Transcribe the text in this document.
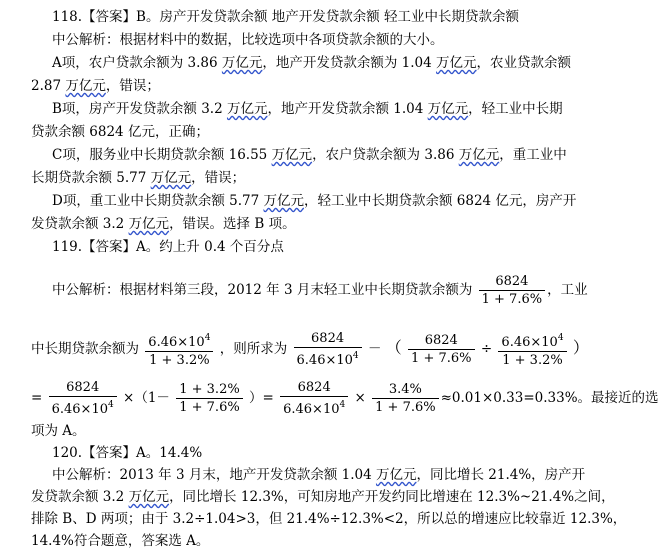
118.【答案】B。房产开发贷款余额 地产开发贷款余额 轻工业中长期贷款余额
中公解析：根据材料中的数据，比较选项中各项贷款余额的大小。
A项，农户贷款余额为 3.86 万亿元，地产开发贷款余额为 1.04 万亿元，农业贷款余额
2.87 万亿元，错误；
B项，房产开发贷款余额 3.2 万亿元，地产开发贷款余额 1.04 万亿元，轻工业中长期
贷款余额 6824 亿元，正确；
C项，服务业中长期贷款余额 16.55 万亿元，农户贷款余额为 3.86 万亿元，重工业中
长期贷款余额 5.77 万亿元，错误；
D项，重工业中长期贷款余额 5.77 万亿元，轻工业中长期贷款余额 6824 亿元，房产开
发贷款余额 3.2 万亿元，错误。选择 B 项。
119.【答案】A。约上升 0.4 个百分点
中公解析：根据材料第三段，2012 年 3 月末轻工业中长期贷款余额为 $\frac{6824}{1 + 7.6\%}$ ，工业
中长期贷款余额为 $\frac{6.46\times 10^4}{1 + 3.2\%}$ ，则所求为 $\frac{6824}{6.46\times 10^4}$ － （ $\frac{6824}{1 + 7.6\%} \div \frac{6.46\times 10^4}{1 + 3.2\%}$ ）
= $\frac{6824}{6.46\times 10^4} \times(1- \frac{1 + 3.2\%}{1 + 7.6\%}$ ）= $\frac{6824}{6.46\times 10^4} \times \frac{3.4\%}{1 + 7.6\%} \approx 0.01\times 0.33=0.33\%$。最接近的选
项为 A。
120.【答案】A。14.4%
中公解析：2013 年 3 月末，地产开发贷款余额 1.04 万亿元，同比增长 21.4%，房产开
发贷款余额 3.2 万亿元，同比增长 12.3%，可知房地产开发约同比增速在 12.3%~21.4%之间，
排除 B、D 两项；由于 3.2÷1.04>3，但 21.4%÷12.3%<2，所以总的增速应比较靠近 12.3%，
14.4%符合题意，答案选 A。
